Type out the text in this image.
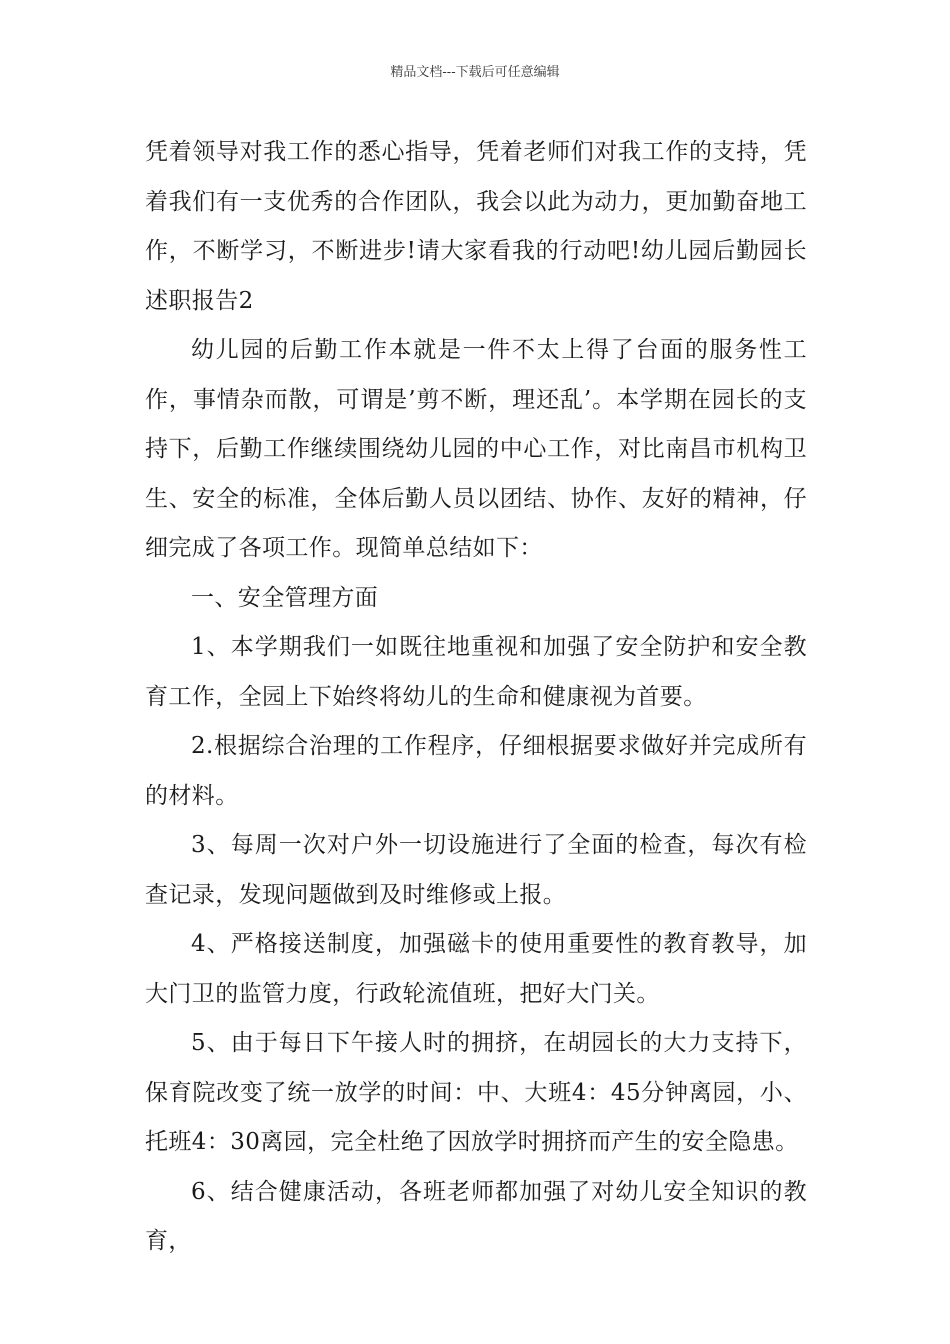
精品文档---下载后可任意编辑

凭着领导对我工作的悉心指导，凭着老师们对我工作的支持，凭着我们有一支优秀的合作团队，我会以此为动力，更加勤奋地工作，不断学习，不断进步!请大家看我的行动吧!幼儿园后勤园长述职报告2

幼儿园的后勤工作本就是一件不太上得了台面的服务性工作，事情杂而散，可谓是’剪不断，理还乱’。本学期在园长的支持下，后勤工作继续围绕幼儿园的中心工作，对比南昌市机构卫生、安全的标准，全体后勤人员以团结、协作、友好的精神，仔细完成了各项工作。现简单总结如下：

一、安全管理方面

1、本学期我们一如既往地重视和加强了安全防护和安全教育工作，全园上下始终将幼儿的生命和健康视为首要。

2.根据综合治理的工作程序，仔细根据要求做好并完成所有的材料。

3、每周一次对户外一切设施进行了全面的检查，每次有检查记录，发现问题做到及时维修或上报。

4、严格接送制度，加强磁卡的使用重要性的教育教导，加大门卫的监管力度，行政轮流值班，把好大门关。

5、由于每日下午接人时的拥挤，在胡园长的大力支持下，保育院改变了统一放学的时间：中、大班4：45分钟离园，小、托班4：30离园，完全杜绝了因放学时拥挤而产生的安全隐患。

6、结合健康活动，各班老师都加强了对幼儿安全知识的教育，
